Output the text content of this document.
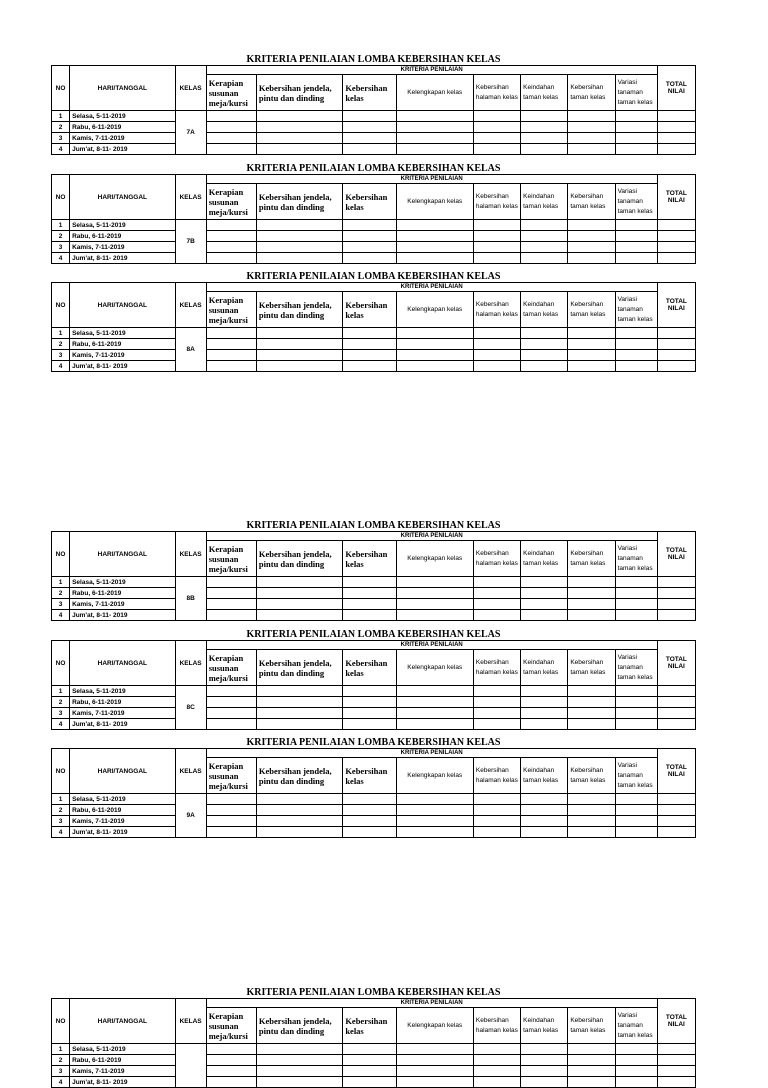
KRITERIA PENILAIAN LOMBA KEBERSIHAN KELAS
NO	HARI/TANGGAL	KELAS	KRITERIA PENILAIAN								TOTAL NILAI
			Kerapian susunan meja/kursi	Kebersihan jendela, pintu dan dinding	Kebersihan kelas	Kelengkapan kelas	Kebersihan halaman kelas	Keindahan taman kelas	Kebersihan taman kelas	Variasi tanaman taman kelas	
1	Selasa, 5-11-2019	7A									
2	Rabu, 6-11-2019										
3	Kamis, 7-11-2019										
4	Jum'at, 8-11- 2019										
KRITERIA PENILAIAN LOMBA KEBERSIHAN KELAS
NO	HARI/TANGGAL	KELAS	KRITERIA PENILAIAN								TOTAL NILAI
			Kerapian susunan meja/kursi	Kebersihan jendela, pintu dan dinding	Kebersihan kelas	Kelengkapan kelas	Kebersihan halaman kelas	Keindahan taman kelas	Kebersihan taman kelas	Variasi tanaman taman kelas	
1	Selasa, 5-11-2019	7B									
2	Rabu, 6-11-2019										
3	Kamis, 7-11-2019										
4	Jum'at, 8-11- 2019										
KRITERIA PENILAIAN LOMBA KEBERSIHAN KELAS
NO	HARI/TANGGAL	KELAS	KRITERIA PENILAIAN								TOTAL NILAI
			Kerapian susunan meja/kursi	Kebersihan jendela, pintu dan dinding	Kebersihan kelas	Kelengkapan kelas	Kebersihan halaman kelas	Keindahan taman kelas	Kebersihan taman kelas	Variasi tanaman taman kelas	
1	Selasa, 5-11-2019	8A									
2	Rabu, 6-11-2019										
3	Kamis, 7-11-2019										
4	Jum'at, 8-11- 2019										
KRITERIA PENILAIAN LOMBA KEBERSIHAN KELAS
NO	HARI/TANGGAL	KELAS	KRITERIA PENILAIAN								TOTAL NILAI
			Kerapian susunan meja/kursi	Kebersihan jendela, pintu dan dinding	Kebersihan kelas	Kelengkapan kelas	Kebersihan halaman kelas	Keindahan taman kelas	Kebersihan taman kelas	Variasi tanaman taman kelas	
1	Selasa, 5-11-2019	8B									
2	Rabu, 6-11-2019										
3	Kamis, 7-11-2019										
4	Jum'at, 8-11- 2019										
KRITERIA PENILAIAN LOMBA KEBERSIHAN KELAS
NO	HARI/TANGGAL	KELAS	KRITERIA PENILAIAN								TOTAL NILAI
			Kerapian susunan meja/kursi	Kebersihan jendela, pintu dan dinding	Kebersihan kelas	Kelengkapan kelas	Kebersihan halaman kelas	Keindahan taman kelas	Kebersihan taman kelas	Variasi tanaman taman kelas	
1	Selasa, 5-11-2019	8C									
2	Rabu, 6-11-2019										
3	Kamis, 7-11-2019										
4	Jum'at, 8-11- 2019										
KRITERIA PENILAIAN LOMBA KEBERSIHAN KELAS
NO	HARI/TANGGAL	KELAS	KRITERIA PENILAIAN								TOTAL NILAI
			Kerapian susunan meja/kursi	Kebersihan jendela, pintu dan dinding	Kebersihan kelas	Kelengkapan kelas	Kebersihan halaman kelas	Keindahan taman kelas	Kebersihan taman kelas	Variasi tanaman taman kelas	
1	Selasa, 5-11-2019	9A									
2	Rabu, 6-11-2019										
3	Kamis, 7-11-2019										
4	Jum'at, 8-11- 2019										
KRITERIA PENILAIAN LOMBA KEBERSIHAN KELAS
NO	HARI/TANGGAL	KELAS	KRITERIA PENILAIAN								TOTAL NILAI
			Kerapian susunan meja/kursi	Kebersihan jendela, pintu dan dinding	Kebersihan kelas	Kelengkapan kelas	Kebersihan halaman kelas	Keindahan taman kelas	Kebersihan taman kelas	Variasi tanaman taman kelas	
1	Selasa, 5-11-2019										
2	Rabu, 6-11-2019										
3	Kamis, 7-11-2019										
4	Jum'at, 8-11- 2019										
